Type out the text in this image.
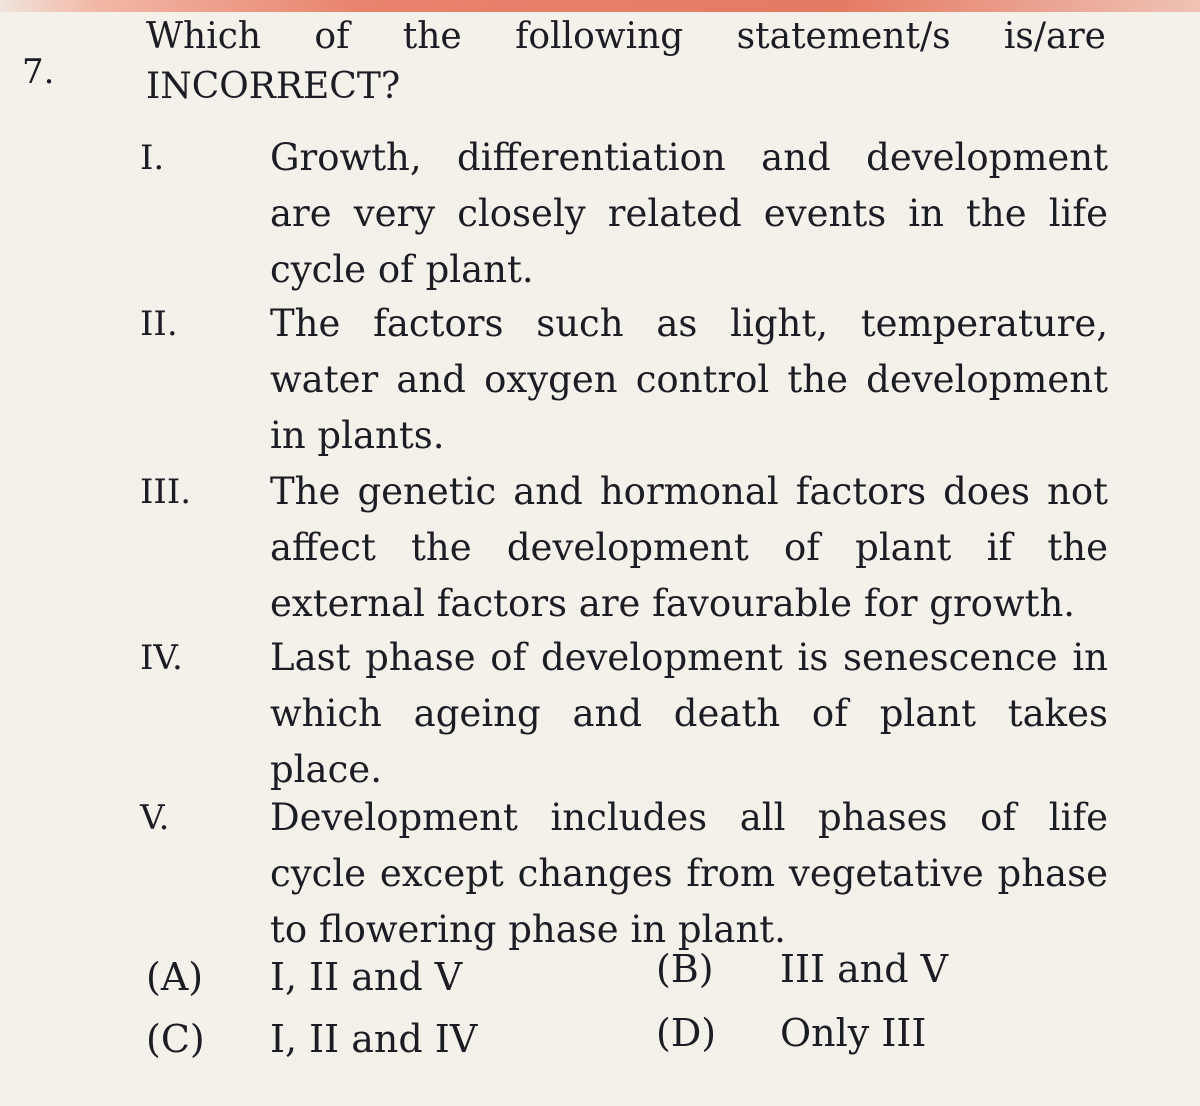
7.
Which of the following statement/s is/are
INCORRECT?
I.	Growth, differentiation and development are very closely related events in the life cycle of plant.
II. The factors such as light, temperature, water and oxygen control the development in plants.
III. The genetic and hormonal factors does not affect the development of plant if the external factors are favourable for growth.
IV. Last phase of development is senescence in which ageing and death of plant takes place.
V.	Development includes all phases of life cycle except changes from vegetative phase to flowering phase in plant.
(A) I, II and V	(B) III and V
(C) I, II and IV	(D) Only III
